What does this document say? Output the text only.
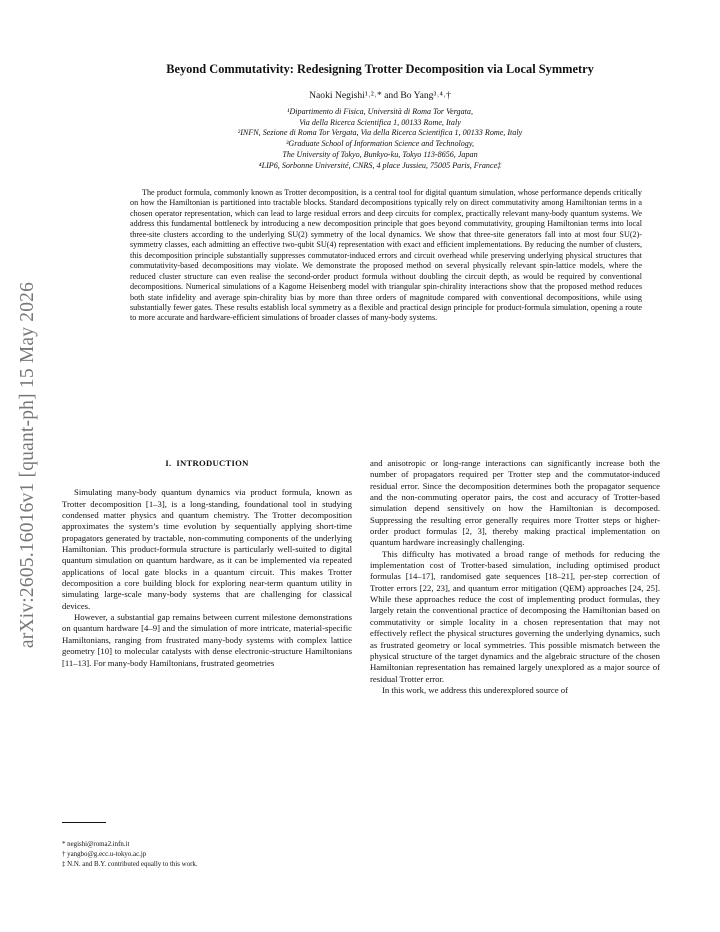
arXiv:2605.16016v1 [quant-ph] 15 May 2026
Beyond Commutativity: Redesigning Trotter Decomposition via Local Symmetry
Naoki Negishi¹˒²˒* and Bo Yang³˒⁴˒†
¹Dipartimento di Fisica, Università di Roma Tor Vergata,
Via della Ricerca Scientifica 1, 00133 Rome, Italy
²INFN, Sezione di Roma Tor Vergata, Via della Ricerca Scientifica 1, 00133 Rome, Italy
³Graduate School of Information Science and Technology,
The University of Tokyo, Bunkyo-ku, Tokyo 113-8656, Japan
⁴LIP6, Sorbonne Université, CNRS, 4 place Jussieu, 75005 Paris, France‡

The product formula, commonly known as Trotter decomposition, is a central tool for digital quantum simulation, whose performance depends critically on how the Hamiltonian is partitioned into tractable blocks. Standard decompositions typically rely on direct commutativity among Hamiltonian terms in a chosen operator representation, which can lead to large residual errors and deep circuits for complex, practically relevant many-body quantum systems. We address this fundamental bottleneck by introducing a new decomposition principle that goes beyond commutativity, grouping Hamiltonian terms into local three-site clusters according to the underlying SU(2) symmetry of the local dynamics. We show that three-site generators fall into at most four SU(2)-symmetry classes, each admitting an effective two-qubit SU(4) representation with exact and efficient implementations. By reducing the number of clusters, this decomposition principle substantially suppresses commutator-induced errors and circuit overhead while preserving underlying physical structures that commutativity-based decompositions may violate. We demonstrate the proposed method on several physically relevant spin-lattice models, where the reduced cluster structure can even realise the second-order product formula without doubling the circuit depth, as would be required by conventional decompositions. Numerical simulations of a Kagome Heisenberg model with triangular spin-chirality interactions show that the proposed method reduces both state infidelity and average spin-chirality bias by more than three orders of magnitude compared with conventional decompositions, while using substantially fewer gates. These results establish local symmetry as a flexible and practical design principle for product-formula simulation, opening a route to more accurate and hardware-efficient simulations of broader classes of many-body systems.

I. INTRODUCTION

Simulating many-body quantum dynamics via product formula, known as Trotter decomposition [1–3], is a long-standing, foundational tool in studying condensed matter physics and quantum chemistry. The Trotter decomposition approximates the system’s time evolution by sequentially applying short-time propagators generated by tractable, non-commuting components of the underlying Hamiltonian. This product-formula structure is particularly well-suited to digital quantum simulation on quantum hardware, as it can be implemented via repeated applications of local gate blocks in a quantum circuit. This makes Trotter decomposition a core building block for exploring near-term quantum utility in simulating large-scale many-body systems that are challenging for classical devices.

However, a substantial gap remains between current milestone demonstrations on quantum hardware [4–9] and the simulation of more intricate, material-specific Hamiltonians, ranging from frustrated many-body systems with complex lattice geometry [10] to molecular catalysts with dense electronic-structure Hamiltonians [11–13]. For many-body Hamiltonians, frustrated geometries

and anisotropic or long-range interactions can significantly increase both the number of propagators required per Trotter step and the commutator-induced residual error. Since the decomposition determines both the propagator sequence and the non-commuting operator pairs, the cost and accuracy of Trotter-based simulation depend sensitively on how the Hamiltonian is decomposed. Suppressing the resulting error generally requires more Trotter steps or higher-order product formulas [2, 3], thereby making practical implementation on quantum hardware increasingly challenging.

This difficulty has motivated a broad range of methods for reducing the implementation cost of Trotter-based simulation, including optimised product formulas [14–17], randomised gate sequences [18–21], per-step correction of Trotter errors [22, 23], and quantum error mitigation (QEM) approaches [24, 25]. While these approaches reduce the cost of implementing product formulas, they largely retain the conventional practice of decomposing the Hamiltonian based on commutativity or simple locality in a chosen representation that may not effectively reflect the physical structures governing the underlying dynamics, such as frustrated geometry or local symmetries. This possible mismatch between the physical structure of the target dynamics and the algebraic structure of the chosen Hamiltonian representation has remained largely unexplored as a major source of residual Trotter error.

In this work, we address this underexplored source of

* negishi@roma2.infn.it
† yangbo@g.ecc.u-tokyo.ac.jp
‡ N.N. and B.Y. contributed equally to this work.
